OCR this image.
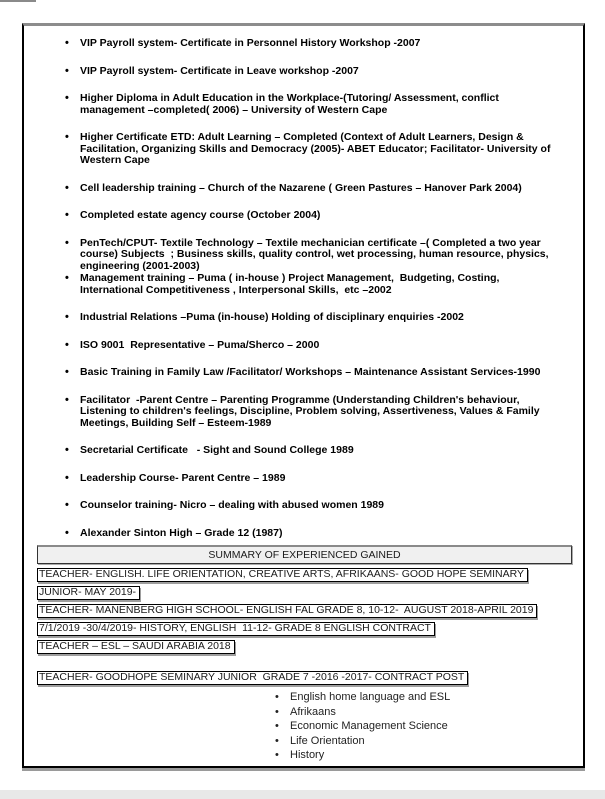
• VIP Payroll system- Certificate in Personnel History Workshop -2007
• VIP Payroll system- Certificate in Leave workshop -2007
• Higher Diploma in Adult Education in the Workplace-(Tutoring/ Assessment, conflict management –completed( 2006) – University of Western Cape
• Higher Certificate ETD: Adult Learning – Completed (Context of Adult Learners, Design & Facilitation, Organizing Skills and Democracy (2005)- ABET Educator; Facilitator- University of Western Cape
• Cell leadership training – Church of the Nazarene ( Green Pastures – Hanover Park 2004)
• Completed estate agency course (October 2004)
• PenTech/CPUT- Textile Technology – Textile mechanician certificate –( Completed a two year course) Subjects  ; Business skills, quality control, wet processing, human resource, physics, engineering (2001-2003)
• Management training – Puma ( in-house ) Project Management,  Budgeting, Costing, International Competitiveness , Interpersonal Skills,  etc –2002
• Industrial Relations –Puma (in-house) Holding of disciplinary enquiries -2002
• ISO 9001  Representative – Puma/Sherco – 2000
• Basic Training in Family Law /Facilitator/ Workshops – Maintenance Assistant Services-1990
• Facilitator  -Parent Centre – Parenting Programme (Understanding Children's behaviour, Listening to children's feelings, Discipline, Problem solving, Assertiveness, Values & Family Meetings, Building Self – Esteem-1989
• Secretarial Certificate   - Sight and Sound College 1989
• Leadership Course- Parent Centre – 1989
• Counselor training- Nicro – dealing with abused women 1989
• Alexander Sinton High – Grade 12 (1987)
SUMMARY OF EXPERIENCED GAINED
TEACHER- ENGLISH. LIFE ORIENTATION, CREATIVE ARTS, AFRIKAANS- GOOD HOPE SEMINARY
JUNIOR- MAY 2019-
TEACHER- MANENBERG HIGH SCHOOL- ENGLISH FAL GRADE 8, 10-12-  AUGUST 2018-APRIL 2019
7/1/2019 -30/4/2019- HISTORY, ENGLISH  11-12- GRADE 8 ENGLISH CONTRACT
TEACHER – ESL – SAUDI ARABIA 2018
TEACHER- GOODHOPE SEMINARY JUNIOR  GRADE 7 -2016 -2017- CONTRACT POST
• English home language and ESL
• Afrikaans
• Economic Management Science
• Life Orientation
• History
